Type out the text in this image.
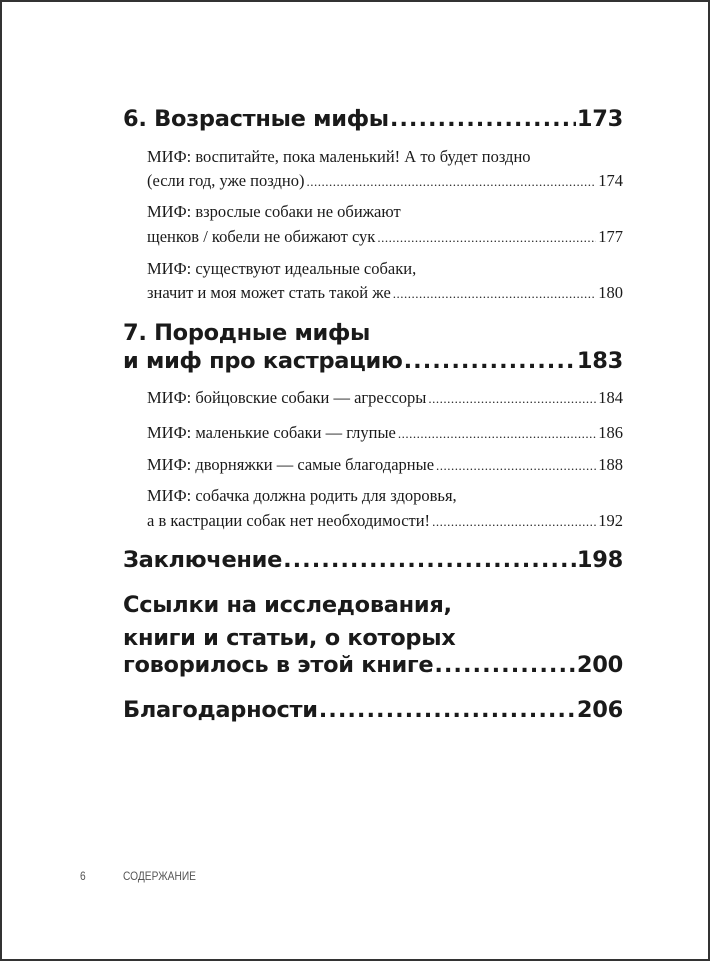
6. Возрастные мифы .....	173
МИФ: воспитайте, пока маленький! А то будет поздно
(если год, уже поздно) .....	174
МИФ: взрослые собаки не обижают
щенков / кобели не обижают сук .....	177
МИФ: существуют идеальные собаки,
значит и моя может стать такой же .....	180
7. Породные мифы
и миф про кастрацию .....	183
МИФ: бойцовские собаки — агрессоры .....	184
МИФ: маленькие собаки — глупые .....	186
МИФ: дворняжки — самые благодарные .....	188
МИФ: собачка должна родить для здоровья,
а в кастрации собак нет необходимости! .....	192
Заключение .....	198
Ссылки на исследования,
книги и статьи, о которых
говорилось в этой книге .....	200
Благодарности .....	206
6	СОДЕРЖАНИЕ
